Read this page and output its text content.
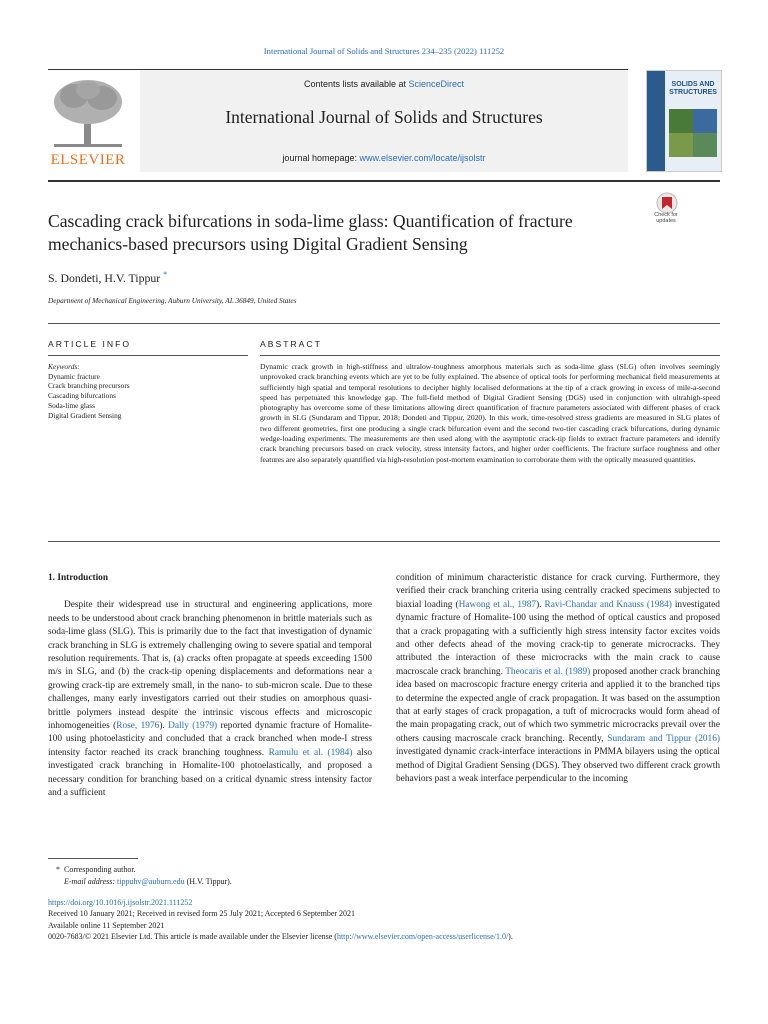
International Journal of Solids and Structures 234–235 (2022) 111252
ELSEVIER
Contents lists available at ScienceDirect
International Journal of Solids and Structures
journal homepage: www.elsevier.com/locate/ijsolstr
SOLIDS AND STRUCTURES
Check for updates
Cascading crack bifurcations in soda-lime glass: Quantification of fracture mechanics-based precursors using Digital Gradient Sensing
S. Dondeti, H.V. Tippur *
Department of Mechanical Engineering, Auburn University, AL 36849, United States
ARTICLE INFO	ABSTRACT
Keywords:
Dynamic fracture
Crack branching precursors
Cascading bifurcations
Soda-lime glass
Digital Gradient Sensing
Dynamic crack growth in high-stiffness and ultralow-toughness amorphous materials such as soda-lime glass (SLG) often involves seemingly unprovoked crack branching events which are yet to be fully explained. The absence of optical tools for performing mechanical field measurements at sufficiently high spatial and temporal resolutions to decipher highly localised deformations at the tip of a crack growing in excess of mile-a-second speed has perpetuated this knowledge gap. The full-field method of Digital Gradient Sensing (DGS) used in conjunction with ultrahigh-speed photography has overcome some of these limitations allowing direct quantification of fracture parameters associated with different phases of crack growth in SLG (Sundaram and Tippur, 2018; Dondeti and Tippur, 2020). In this work, time-resolved stress gradients are measured in SLG plates of two different geometries, first one producing a single crack bifurcation event and the second two-tier cascading crack bifurcations, during dynamic wedge-loading experiments. The measurements are then used along with the asymptotic crack-tip fields to extract fracture parameters and identify crack branching precursors based on crack velocity, stress intensity factors, and higher order coefficients. The fracture surface roughness and other features are also separately quantified via high-resolution post-mortem examination to corroborate them with the optically measured quantities.
1. Introduction

Despite their widespread use in structural and engineering applications, more needs to be understood about crack branching phenomenon in brittle materials such as soda-lime glass (SLG). This is primarily due to the fact that investigation of dynamic crack branching in SLG is extremely challenging owing to severe spatial and temporal resolution requirements. That is, (a) cracks often propagate at speeds exceeding 1500 m/s in SLG, and (b) the crack-tip opening displacements and deformations near a growing crack-tip are extremely small, in the nano- to sub-micron scale. Due to these challenges, many early investigators carried out their studies on amorphous quasi-brittle polymers instead despite the intrinsic viscous effects and microscopic inhomogeneities (Rose, 1976). Dally (1979) reported dynamic fracture of Homalite-100 using photoelasticity and concluded that a crack branched when mode-I stress intensity factor reached its crack branching toughness. Ramulu et al. (1984) also investigated crack branching in Homalite-100 photoelastically, and proposed a necessary condition for branching based on a critical dynamic stress intensity factor and a sufficient

condition of minimum characteristic distance for crack curving. Furthermore, they verified their crack branching criteria using centrally cracked specimens subjected to biaxial loading (Hawong et al., 1987). Ravi-Chandar and Knauss (1984) investigated dynamic fracture of Homalite-100 using the method of optical caustics and proposed that a crack propagating with a sufficiently high stress intensity factor excites voids and other defects ahead of the moving crack-tip to generate microcracks. They attributed the interaction of these microcracks with the main crack to cause macroscale crack branching. Theocaris et al. (1989) proposed another crack branching idea based on macroscopic fracture energy criteria and applied it to the branched tips to determine the expected angle of crack propagation. It was based on the assumption that at early stages of crack propagation, a tuft of microcracks would form ahead of the main propagating crack, out of which two symmetric microcracks prevail over the others causing macroscale crack branching. Recently, Sundaram and Tippur (2016) investigated dynamic crack-interface interactions in PMMA bilayers using the optical method of Digital Gradient Sensing (DGS). They observed two different crack growth behaviors past a weak interface perpendicular to the incoming

* Corresponding author.
E-mail address: tippuhv@auburn.edu (H.V. Tippur).
https://doi.org/10.1016/j.ijsolstr.2021.111252
Received 10 January 2021; Received in revised form 25 July 2021; Accepted 6 September 2021
Available online 11 September 2021
0020-7683/© 2021 Elsevier Ltd. This article is made available under the Elsevier license (http://www.elsevier.com/open-access/userlicense/1.0/).
